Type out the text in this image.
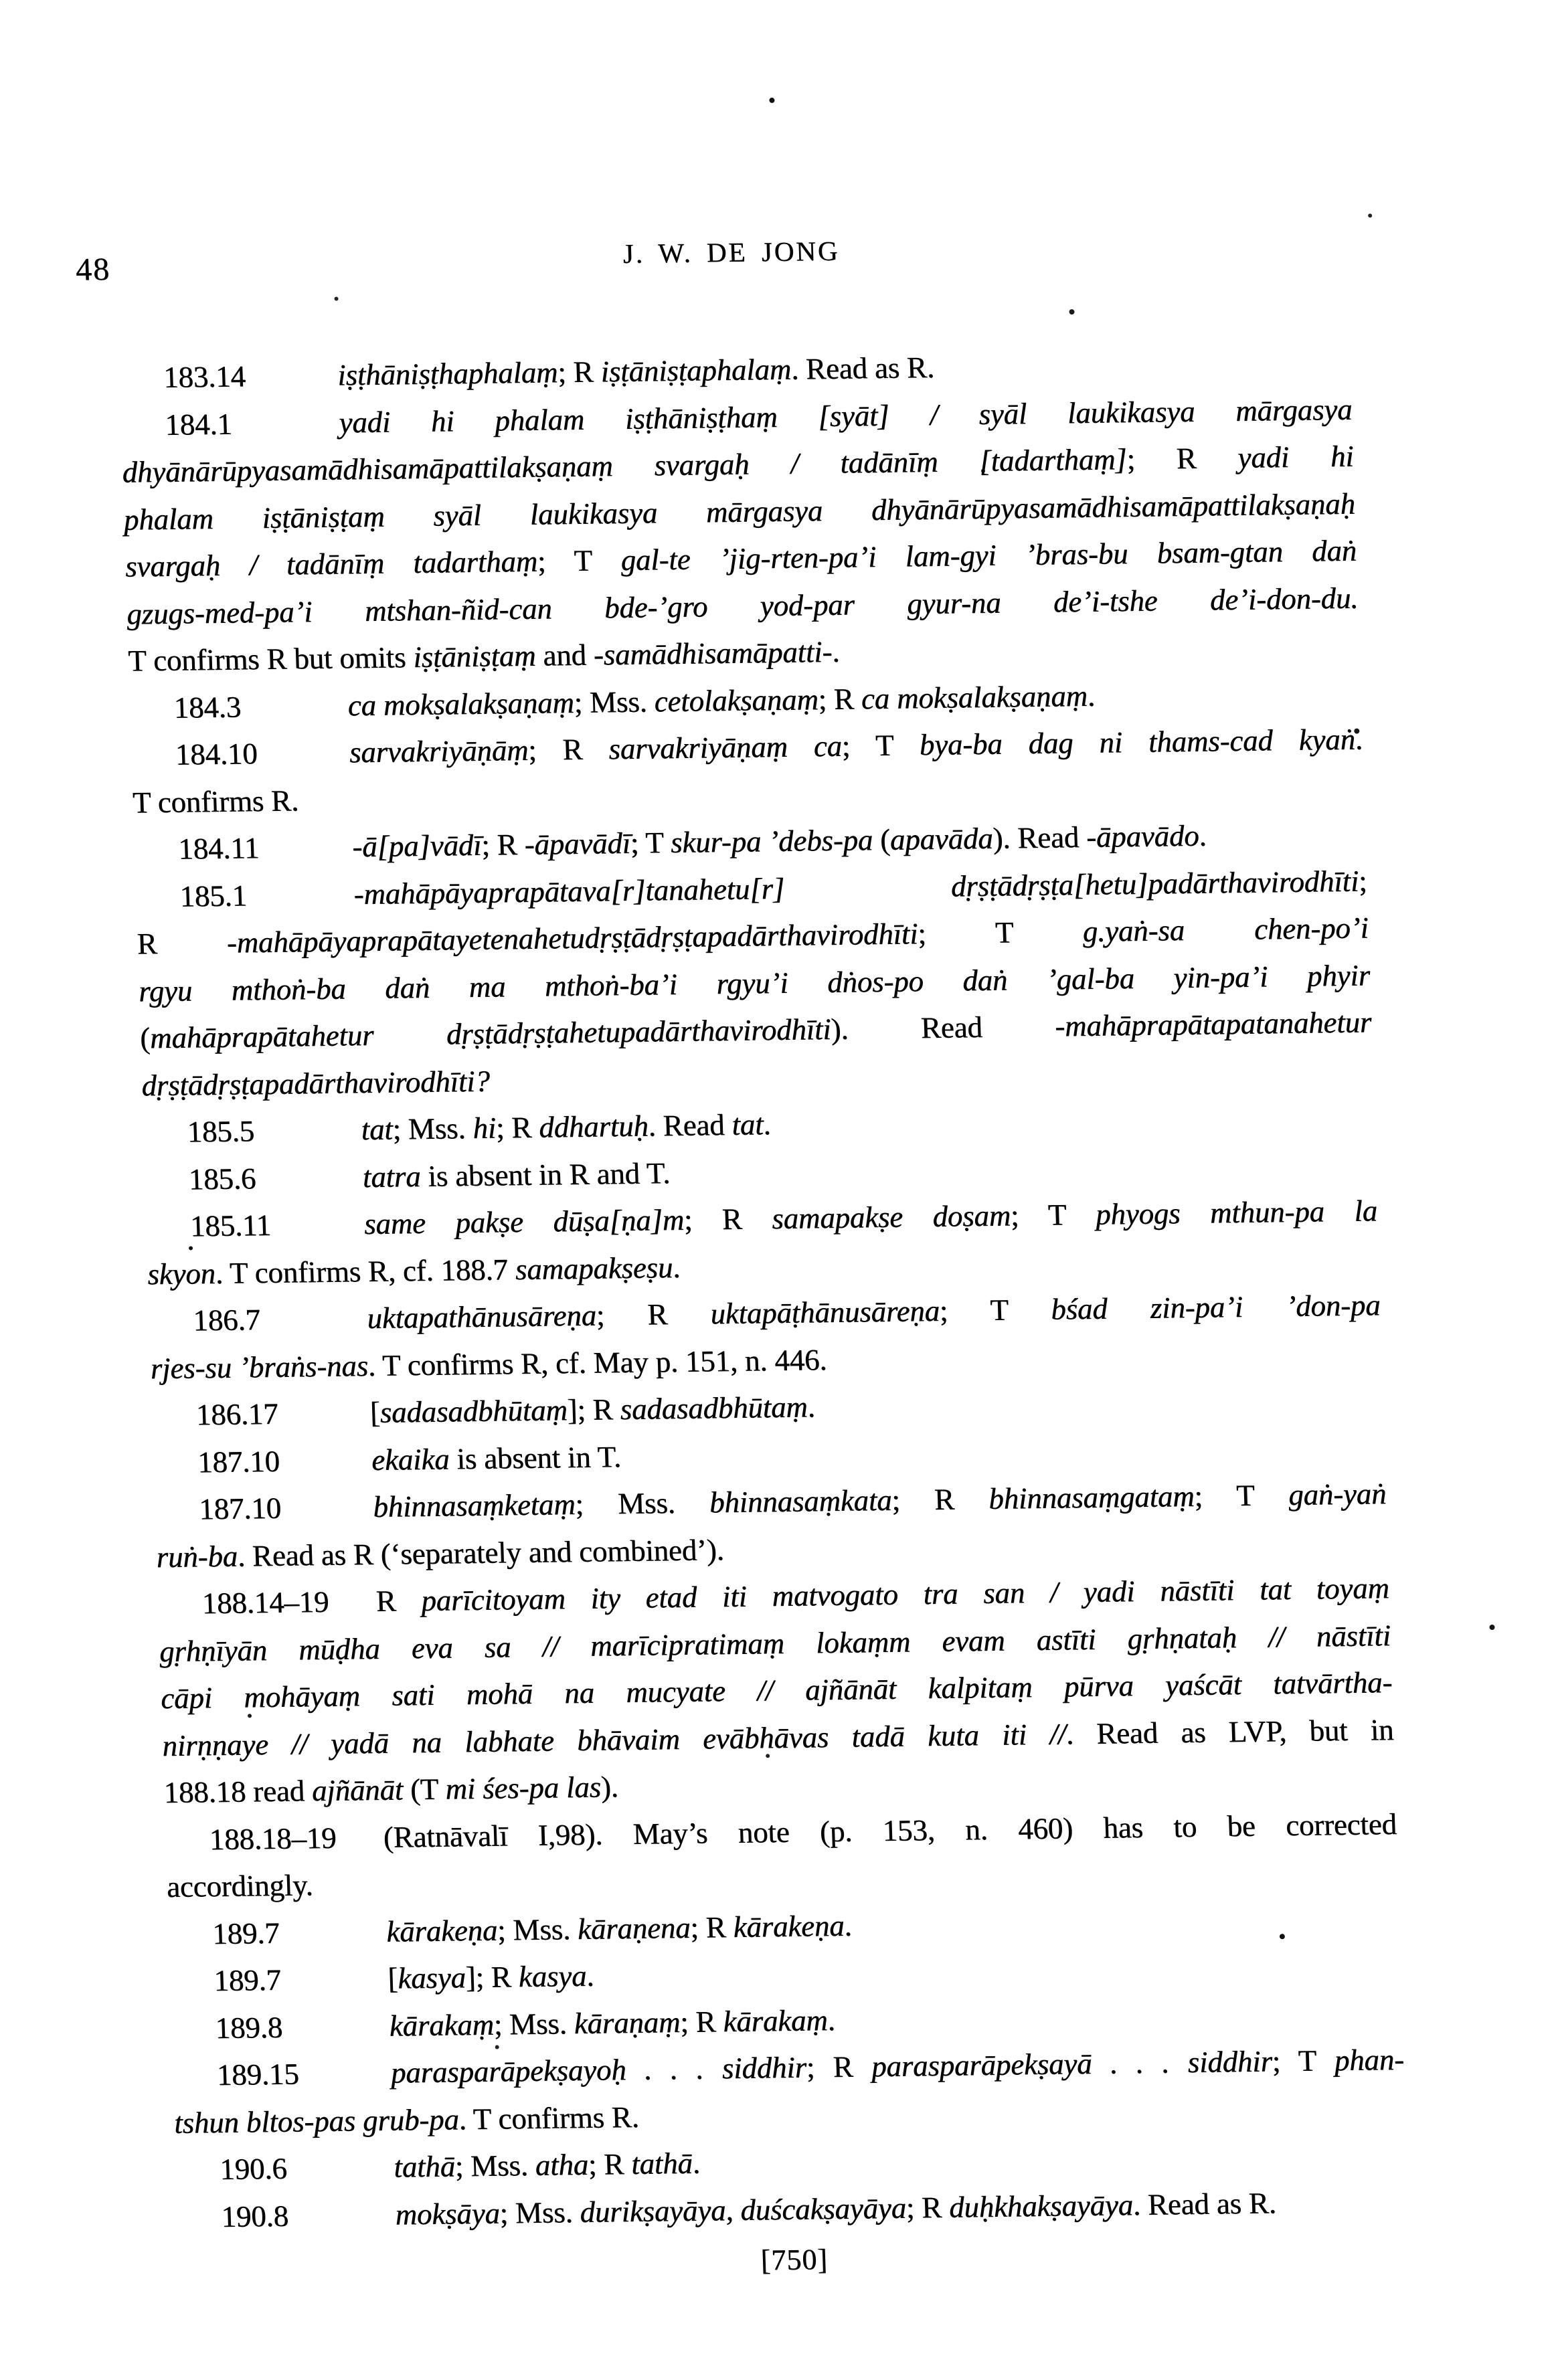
48	J. W. DE JONG
183.14	iṣṭhāniṣṭhaphalaṃ; R iṣṭāniṣṭaphalaṃ. Read as R.
184.1	yadi hi phalam iṣṭhāniṣṭhaṃ [syāt] / syāl laukikasya mārgasya
dhyānārūpyasamādhisamāpattilakṣaṇaṃ svargaḥ / tadānīṃ [tadarthaṃ]; R yadi hi
phalam iṣṭāniṣṭaṃ syāl laukikasya mārgasya dhyānārūpyasamādhisamāpattilakṣaṇaḥ
svargaḥ / tadānīṃ tadarthaṃ; T gal-te ’jig-rten-pa’i lam-gyi ’bras-bu bsam-gtan daṅ
gzugs-med-pa’i mtshan-ñid-can bde-’gro yod-par gyur-na de’i-tshe de’i-don-du.
T confirms R but omits iṣṭāniṣṭaṃ and -samādhisamāpatti-.
184.3	ca mokṣalakṣaṇaṃ; Mss. cetolakṣaṇaṃ; R ca mokṣalakṣaṇaṃ.
184.10	sarvakriyāṇāṃ; R sarvakriyāṇaṃ ca; T bya-ba dag ni thams-cad kyaṅ.
T confirms R.
184.11	-ā[pa]vādī; R -āpavādī; T skur-pa ’debs-pa (apavāda). Read -āpavādo.
185.1	-mahāpāyaprapātava[r]tanahetu[r] dṛṣṭādṛṣṭa[hetu]padārthavirodhīti;
R -mahāpāyaprapātayetenahetudṛṣṭādṛṣṭapadārthavirodhīti; T g.yaṅ-sa chen-po’i
rgyu mthoṅ-ba daṅ ma mthoṅ-ba’i rgyu’i dṅos-po daṅ ’gal-ba yin-pa’i phyir
(mahāprapātahetur dṛṣṭādṛṣṭahetupadārthavirodhīti). Read -mahāprapātapatanahetur
dṛṣṭādṛṣṭapadārthavirodhīti?
185.5	tat; Mss. hi; R ddhartuḥ. Read tat.
185.6	tatra is absent in R and T.
185.11	same pakṣe dūṣa[ṇa]m; R samapakṣe doṣam; T phyogs mthun-pa la
skyon. T confirms R, cf. 188.7 samapakṣeṣu.
186.7	uktapathānusāreṇa; R uktapāṭhānusāreṇa; T bśad zin-pa’i ’don-pa
rjes-su ’braṅs-nas. T confirms R, cf. May p. 151, n. 446.
186.17	[sadasadbhūtaṃ]; R sadasadbhūtaṃ.
187.10	ekaika is absent in T.
187.10	bhinnasaṃketaṃ; Mss. bhinnasaṃkata; R bhinnasaṃgataṃ; T gaṅ-yaṅ
ruṅ-ba. Read as R (‘separately and combined’).
188.14–19 R parīcitoyam ity etad iti matvogato tra san / yadi nāstīti tat toyaṃ
gṛhṇīyān mūḍha eva sa // marīcipratimaṃ lokaṃm evam astīti gṛhṇataḥ // nāstīti
cāpi mohāyaṃ sati mohā na mucyate // ajñānāt kalpitaṃ pūrva yaścāt tatvārtha-
nirṇṇaye // yadā na labhate bhāvaim evābhāvas tadā kuta iti //. Read as LVP, but in
188.18 read ajñānāt (T mi śes-pa las).
188.18–19 (Ratnāvalī I,98). May’s note (p. 153, n. 460) has to be corrected
accordingly.
189.7	kārakeṇa; Mss. kāraṇena; R kārakeṇa.
189.7	[kasya]; R kasya.
189.8	kārakaṃ; Mss. kāraṇaṃ; R kārakaṃ.
189.15	parasparāpekṣayoḥ . . . siddhir; R parasparāpekṣayā . . . siddhir; T phan-
tshun bltos-pas grub-pa. T confirms R.
190.6	tathā; Mss. atha; R tathā.
190.8	mokṣāya; Mss. durikṣayāya, duścakṣayāya; R duḥkhakṣayāya. Read as R.
[750]
